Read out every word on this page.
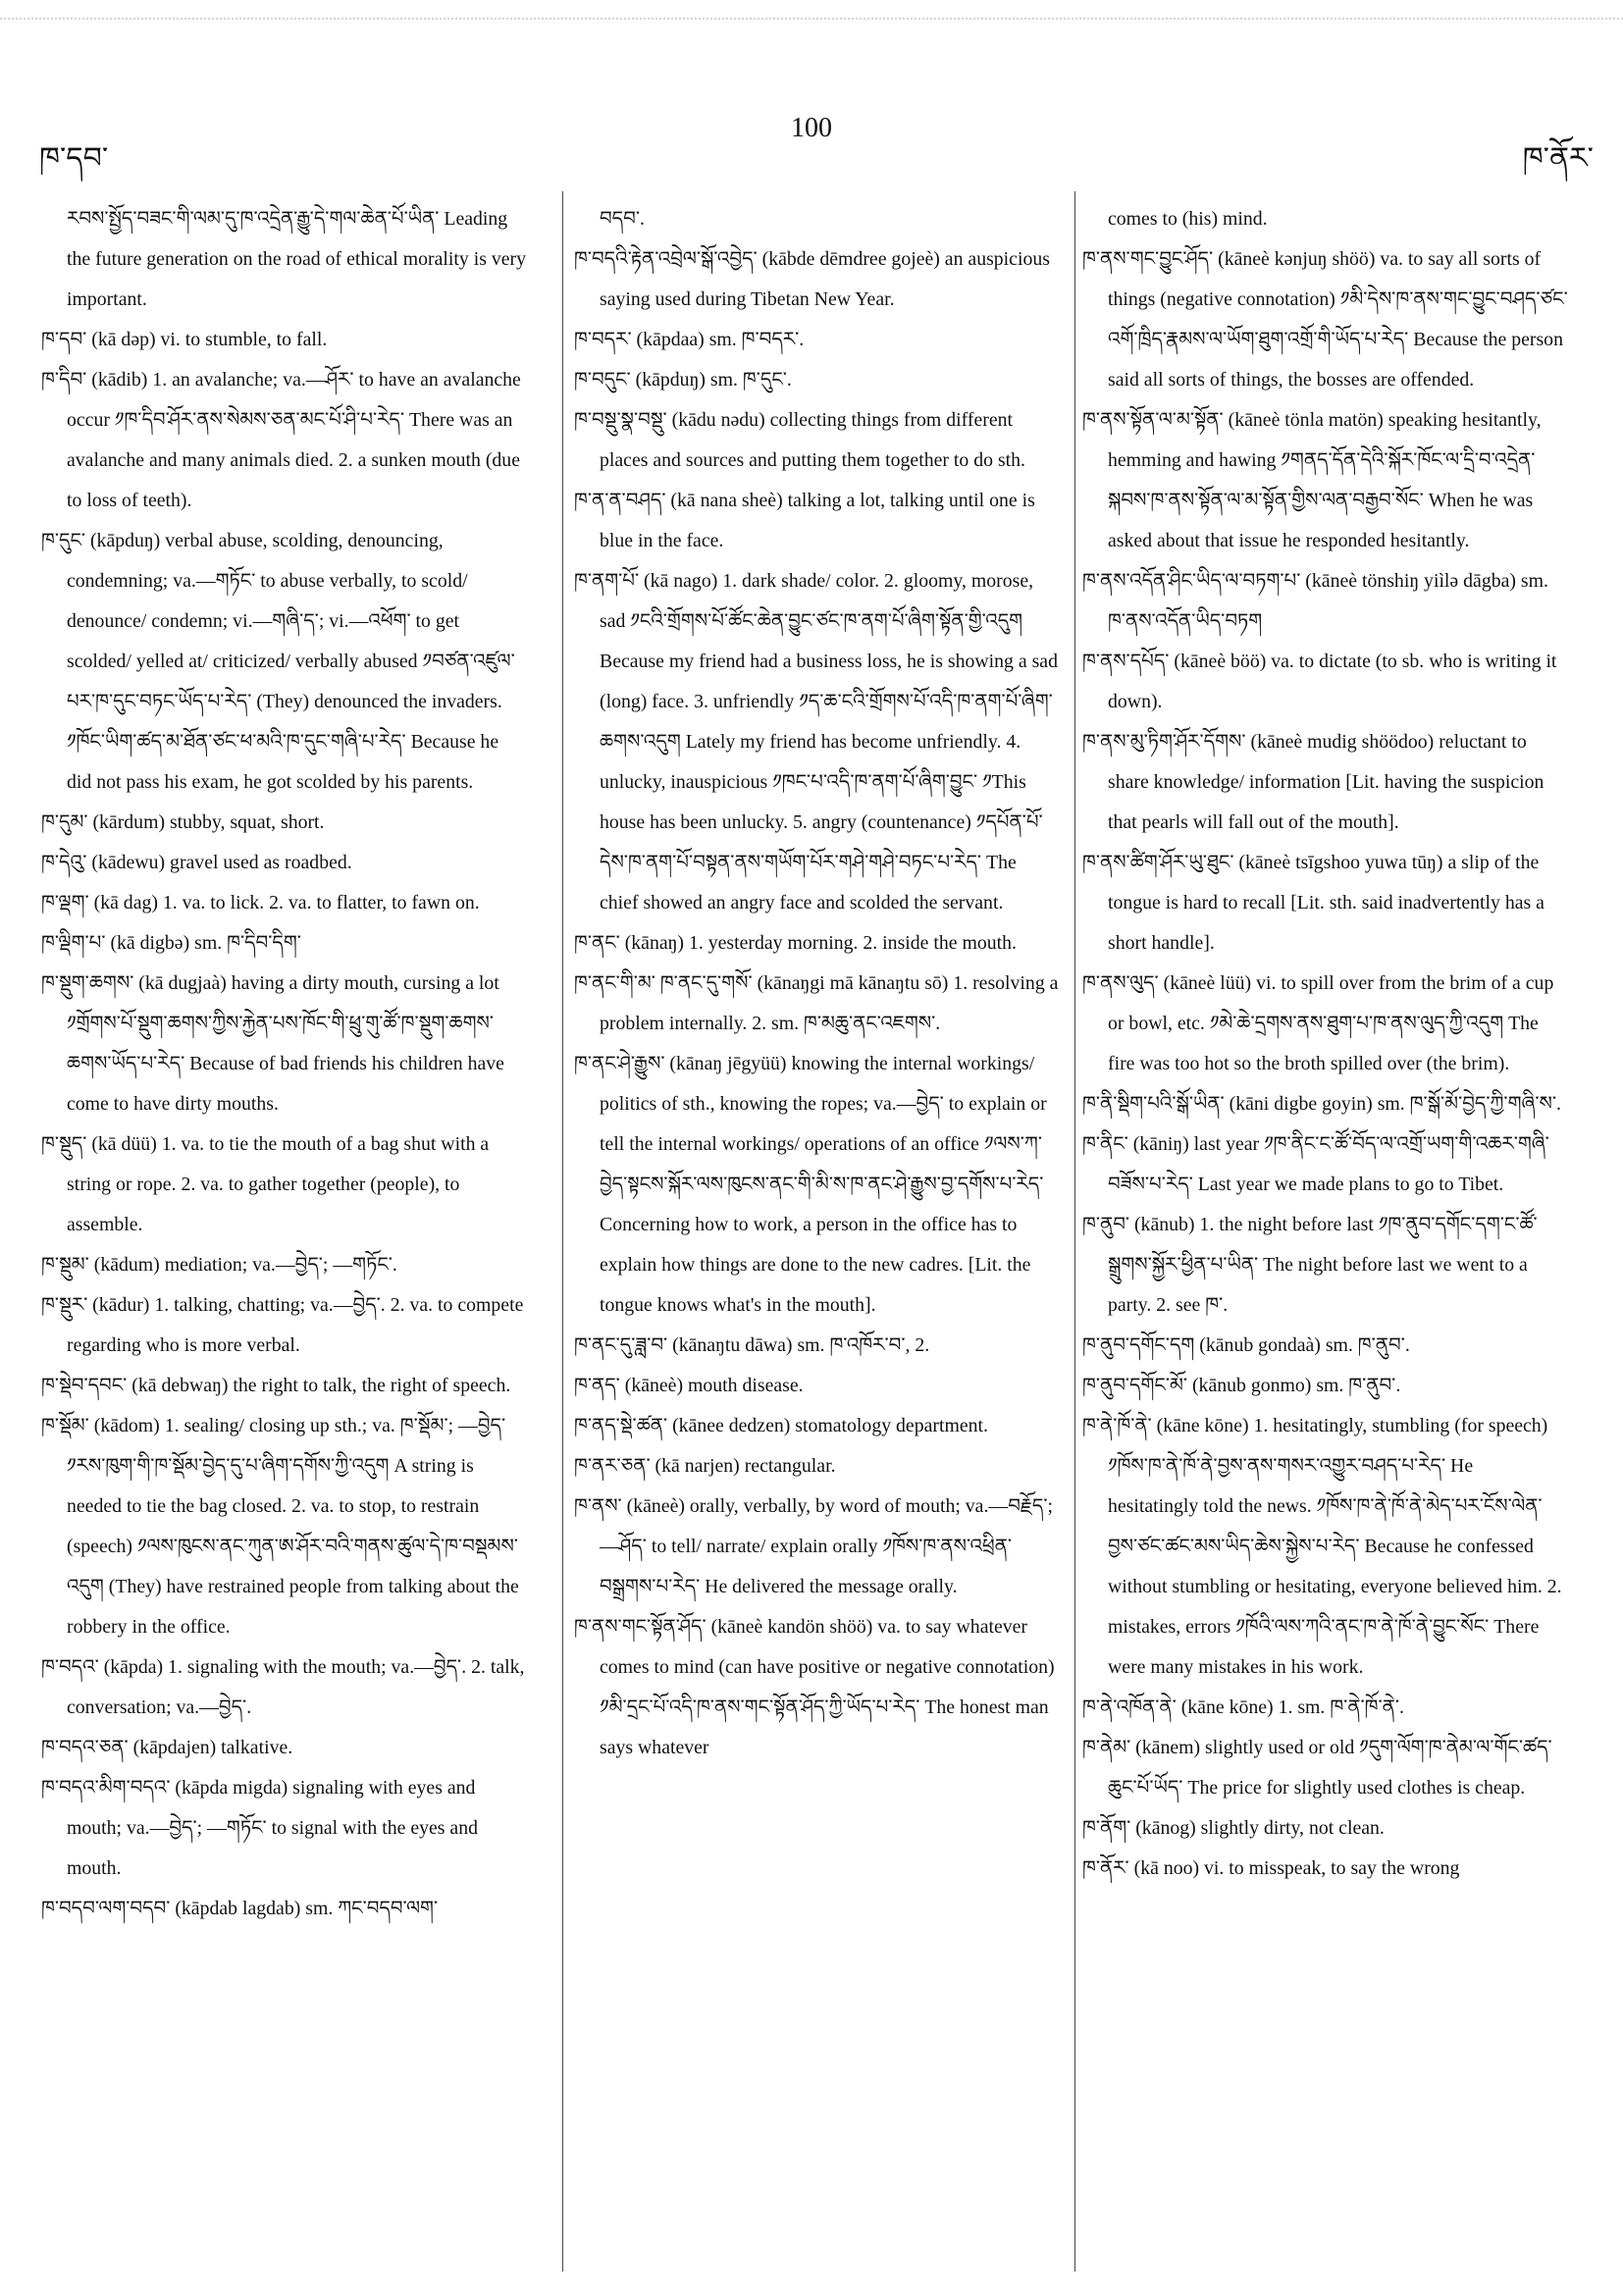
ཁ་དབ་
100
ཁ་ནོར་

ཪབས་སྤྱོད་བཟང་གི་ལམ་དུ་ཁ་འདྲེན་རྒྱུ་དེ་གལ་ཆེན་པོ་ཡིན་ Leading the future generation on the road of ethical morality is very important.

ཁ་དབ་ (kā dəp) vi. to stumble, to fall.

ཁ་དིབ་ (kādib) 1. an avalanche; va.—ཤོར་ to have an avalanche occur ༡ཁ་དིབ་ཤོར་ནས་སེམས་ཅན་མང་པོ་ཤི་པ་རེད་ There was an avalanche and many animals died. 2. a sunken mouth (due to loss of teeth).

ཁ་དུང་ (kāpduŋ) verbal abuse, scolding, denouncing, condemning; va.—གཏོང་ to abuse verbally, to scold/ denounce/ condemn; vi.—གཞི་ད་; vi.—འཕོག་ to get scolded/ yelled at/ criticized/ verbally abused ༡བཙན་འཛུལ་པར་ཁ་དུང་བཏང་ཡོད་པ་རེད་ (They) denounced the invaders. ༡ཁོང་ཡིག་ཚད་མ་ཐོན་ཙང་ཕ་མའི་ཁ་དུང་གཞི་པ་རེད་ Because he did not pass his exam, he got scolded by his parents.

ཁ་དུམ་ (kārdum) stubby, squat, short.

ཁ་དེའུ་ (kādewu) gravel used as roadbed.

ཁ་ལྡག་ (kā dag) 1. va. to lick. 2. va. to flatter, to fawn on.

ཁ་ལྡིག་པ་ (kā digbə) sm. ཁ་དིབ་དིག་

ཁ་སྡུག་ཆགས་ (kā dugjaà) having a dirty mouth, cursing a lot ༡གྲོགས་པོ་སྡུག་ཆགས་ཀྱིས་རྐྱེན་པས་ཁོང་གི་ཕྲུ་གུ་ཚོ་ཁ་སྡུག་ཆགས་ཆགས་ཡོད་པ་རེད་ Because of bad friends his children have come to have dirty mouths.

ཁ་སྡུད་ (kā düü) 1. va. to tie the mouth of a bag shut with a string or rope. 2. va. to gather together (people), to assemble.

ཁ་སྡུམ་ (kādum) mediation; va.—བྱེད་; —གཏོང་.

ཁ་སྡུར་ (kādur) 1. talking, chatting; va.—བྱེད་. 2. va. to compete regarding who is more verbal.

ཁ་སྡེབ་དབང་ (kā debwaŋ) the right to talk, the right of speech.

ཁ་སྡོམ་ (kādom) 1. sealing/ closing up sth.; va. ཁ་སྡོམ་; —བྱེད་ ༡རས་ཁུག་གི་ཁ་སྡོམ་བྱེད་དུ་པ་ཞིག་དགོས་ཀྱི་འདུག A string is needed to tie the bag closed. 2. va. to stop, to restrain (speech) ༡ལས་ཁུངས་ནང་ཀུན་ཨ་ཤོར་བའི་གནས་ཚུལ་དེ་ཁ་བསྡམས་འདུག (They) have restrained people from talking about the robbery in the office.

ཁ་བདའ་ (kāpda) 1. signaling with the mouth; va.—བྱེད་. 2. talk, conversation; va.—བྱེད་.

ཁ་བདའ་ཅན་ (kāpdajen) talkative.

ཁ་བདའ་མིག་བདའ་ (kāpda migda) signaling with eyes and mouth; va.—བྱེད་; —གཏོང་ to signal with the eyes and mouth.

ཁ་བདབ་ལག་བདབ་ (kāpdab lagdab) sm. ཀང་བདབ་ལག་

བདབ་.

ཁ་བདའི་རྟེན་འབྲེལ་སྒོ་འབྱེད་ (kābde dēmdree gojeè) an auspicious saying used during Tibetan New Year.

ཁ་བདར་ (kāpdaa) sm. ཁ་བདར་.

ཁ་བདུང་ (kāpduŋ) sm. ཁ་དུང་.

ཁ་བསྡུ་སྣ་བསྡུ་ (kādu nədu) collecting things from different places and sources and putting them together to do sth.

ཁ་ན་ན་བཤད་ (kā nana sheè) talking a lot, talking until one is blue in the face.

ཁ་ནག་པོ་ (kā nago) 1. dark shade/ color. 2. gloomy, morose, sad ༡ངའི་གྲོགས་པོ་ཚོང་ཆེན་བྱུང་ཙང་ཁ་ནག་པོ་ཞིག་སྟོན་གྱི་འདུག Because my friend had a business loss, he is showing a sad (long) face. 3. unfriendly ༡ད་ཆ་ངའི་གྲོགས་པོ་འདི་ཁ་ནག་པོ་ཞིག་ཆགས་འདུག Lately my friend has become unfriendly. 4. unlucky, inauspicious ༡ཁང་པ་འདི་ཁ་ནག་པོ་ཞིག་བྱུང་ ༡This house has been unlucky. 5. angry (countenance) ༡དཔོན་པོ་དེས་ཁ་ནག་པོ་བསྟན་ནས་གཡོག་པོར་གཤེ་གཤེ་བཏང་པ་རེད་ The chief showed an angry face and scolded the servant.

ཁ་ནང་ (kānaŋ) 1. yesterday morning. 2. inside the mouth.

ཁ་ནང་གི་མ་ ཁ་ནང་དུ་གསོ་ (kānaŋgi mā kānaŋtu sō) 1. resolving a problem internally. 2. sm. ཁ་མཆུ་ནང་འཇགས་.

ཁ་ནང་ཤེ་རྒྱུས་ (kānaŋ jēgyüü) knowing the internal workings/ politics of sth., knowing the ropes; va.—བྱེད་ to explain or tell the internal workings/ operations of an office ༡ལས་ཀ་བྱེད་སྟངས་སྐོར་ལས་ཁུངས་ནང་གི་མི་ས་ཁ་ནང་ཤེ་རྒྱུས་བྱ་དགོས་པ་རེད་ Concerning how to work, a person in the office has to explain how things are done to the new cadres. [Lit. the tongue knows what's in the mouth].

ཁ་ནང་དུ་ཟླ་བ་ (kānaŋtu dāwa) sm. ཁ་འཁོར་བ་, 2.

ཁ་ནད་ (kāneè) mouth disease.

ཁ་ནད་སྡེ་ཚན་ (kānee dedzen) stomatology department.

ཁ་ནར་ཅན་ (kā narjen) rectangular.

ཁ་ནས་ (kāneè) orally, verbally, by word of mouth; va.—བརྗོད་; —ཤོད་ to tell/ narrate/ explain orally ༡ཁོས་ཁ་ནས་འཕྲིན་བསྒྲགས་པ་རེད་ He delivered the message orally.

ཁ་ནས་གང་སྟོན་ཤོད་ (kāneè kandön shöö) va. to say whatever comes to mind (can have positive or negative connotation) ༡མི་དྲང་པོ་འདི་ཁ་ནས་གང་སྟོན་ཤོད་ཀྱི་ཡོད་པ་རེད་ The honest man says whatever

comes to (his) mind.

ཁ་ནས་གང་བྱུང་ཤོད་ (kāneè kənjuŋ shöö) va. to say all sorts of things (negative connotation) ༡མི་དེས་ཁ་ནས་གང་བྱུང་བཤད་ཙང་འགོ་ཁྲིད་རྣམས་ལ་ཡོག་ཐུག་འགྲོ་གི་ཡོད་པ་རེད་ Because the person said all sorts of things, the bosses are offended.

ཁ་ནས་སྟོན་ལ་མ་སྟོན་ (kāneè tönla matön) speaking hesitantly, hemming and hawing ༡གནད་དོན་དེའི་སྐོར་ཁོང་ལ་དྲི་བ་འདྲེན་སྐབས་ཁ་ནས་སྟོན་ལ་མ་སྟོན་གྱིས་ལན་བརྒྱབ་སོང་ When he was asked about that issue he responded hesitantly.

ཁ་ནས་འདོན་ཤིང་ཡིད་ལ་བཏག་པ་ (kāneè tönshiŋ yiìlə dāgba) sm. ཁ་ནས་འདོན་ཡིད་བཏག

ཁ་ནས་དཔོད་ (kāneè böö) va. to dictate (to sb. who is writing it down).

ཁ་ནས་མུ་ཏིག་ཤོར་དོགས་ (kāneè mudig shöödoo) reluctant to share knowledge/ information [Lit. having the suspicion that pearls will fall out of the mouth].

ཁ་ནས་ཚིག་ཤོར་ཡུ་ཐུང་ (kāneè tsīgshoo yuwa tūŋ) a slip of the tongue is hard to recall [Lit. sth. said inadvertently has a short handle].

ཁ་ནས་ལུད་ (kāneè lüü) vi. to spill over from the brim of a cup or bowl, etc. ༡མེ་ཆེ་དྲགས་ནས་ཐུག་པ་ཁ་ནས་ལུད་ཀྱི་འདུག The fire was too hot so the broth spilled over (the brim).

ཁ་ནི་སྡིག་པའི་སྒོ་ཡིན་ (kāni digbe goyin) sm. ཁ་སྒོ་མོ་བྱེད་ཀྱི་གཞི་ས་.

ཁ་ནིང་ (kāniŋ) last year ༡ཁ་ནིང་ང་ཚོ་བོད་ལ་འགྲོ་ཡག་གི་འཆར་གཞི་བཟོས་པ་རེད་ Last year we made plans to go to Tibet.

ཁ་ནུབ་ (kānub) 1. the night before last ༡ཁ་ནུབ་དགོང་དག་ང་ཚོ་ སྒྲུགས་སྐྱོར་ཕྱིན་པ་ཡིན་ The night before last we went to a party. 2. see ཁ་.

ཁ་ནུབ་དགོང་དག (kānub gondaà) sm. ཁ་ནུབ་.

ཁ་ནུབ་དགོང་མོ་ (kānub gonmo) sm. ཁ་ནུབ་.

ཁ་ནེ་ཁོ་ནེ་ (kāne kōne) 1. hesitatingly, stumbling (for speech) ༡ཁོས་ཁ་ནེ་ཁོ་ནེ་བྱས་ནས་གསར་འགྱུར་བཤད་པ་རེད་ He hesitatingly told the news. ༡ཁོས་ཁ་ནེ་ཁོ་ནེ་མེད་པར་ངོས་ལེན་བྱས་ཙང་ཚང་མས་ཡིད་ཆེས་སྐྱེས་པ་རེད་ Because he confessed without stumbling or hesitating, everyone believed him. 2. mistakes, errors ༡ཁོའི་ལས་ཀའི་ནང་ཁ་ནེ་ཁོ་ནེ་བྱུང་སོང་ There were many mistakes in his work.

ཁ་ནེ་འཁོན་ནེ་ (kāne kōne) 1. sm. ཁ་ནེ་ཁོ་ནེ་.

ཁ་ནེམ་ (kānem) slightly used or old ༡དུག་ལོག་ཁ་ནེམ་ལ་གོང་ཚད་ཆུང་པོ་ཡོད་ The price for slightly used clothes is cheap.

ཁ་ནོག་ (kānog) slightly dirty, not clean.

ཁ་ནོར་ (kā noo) vi. to misspeak, to say the wrong
